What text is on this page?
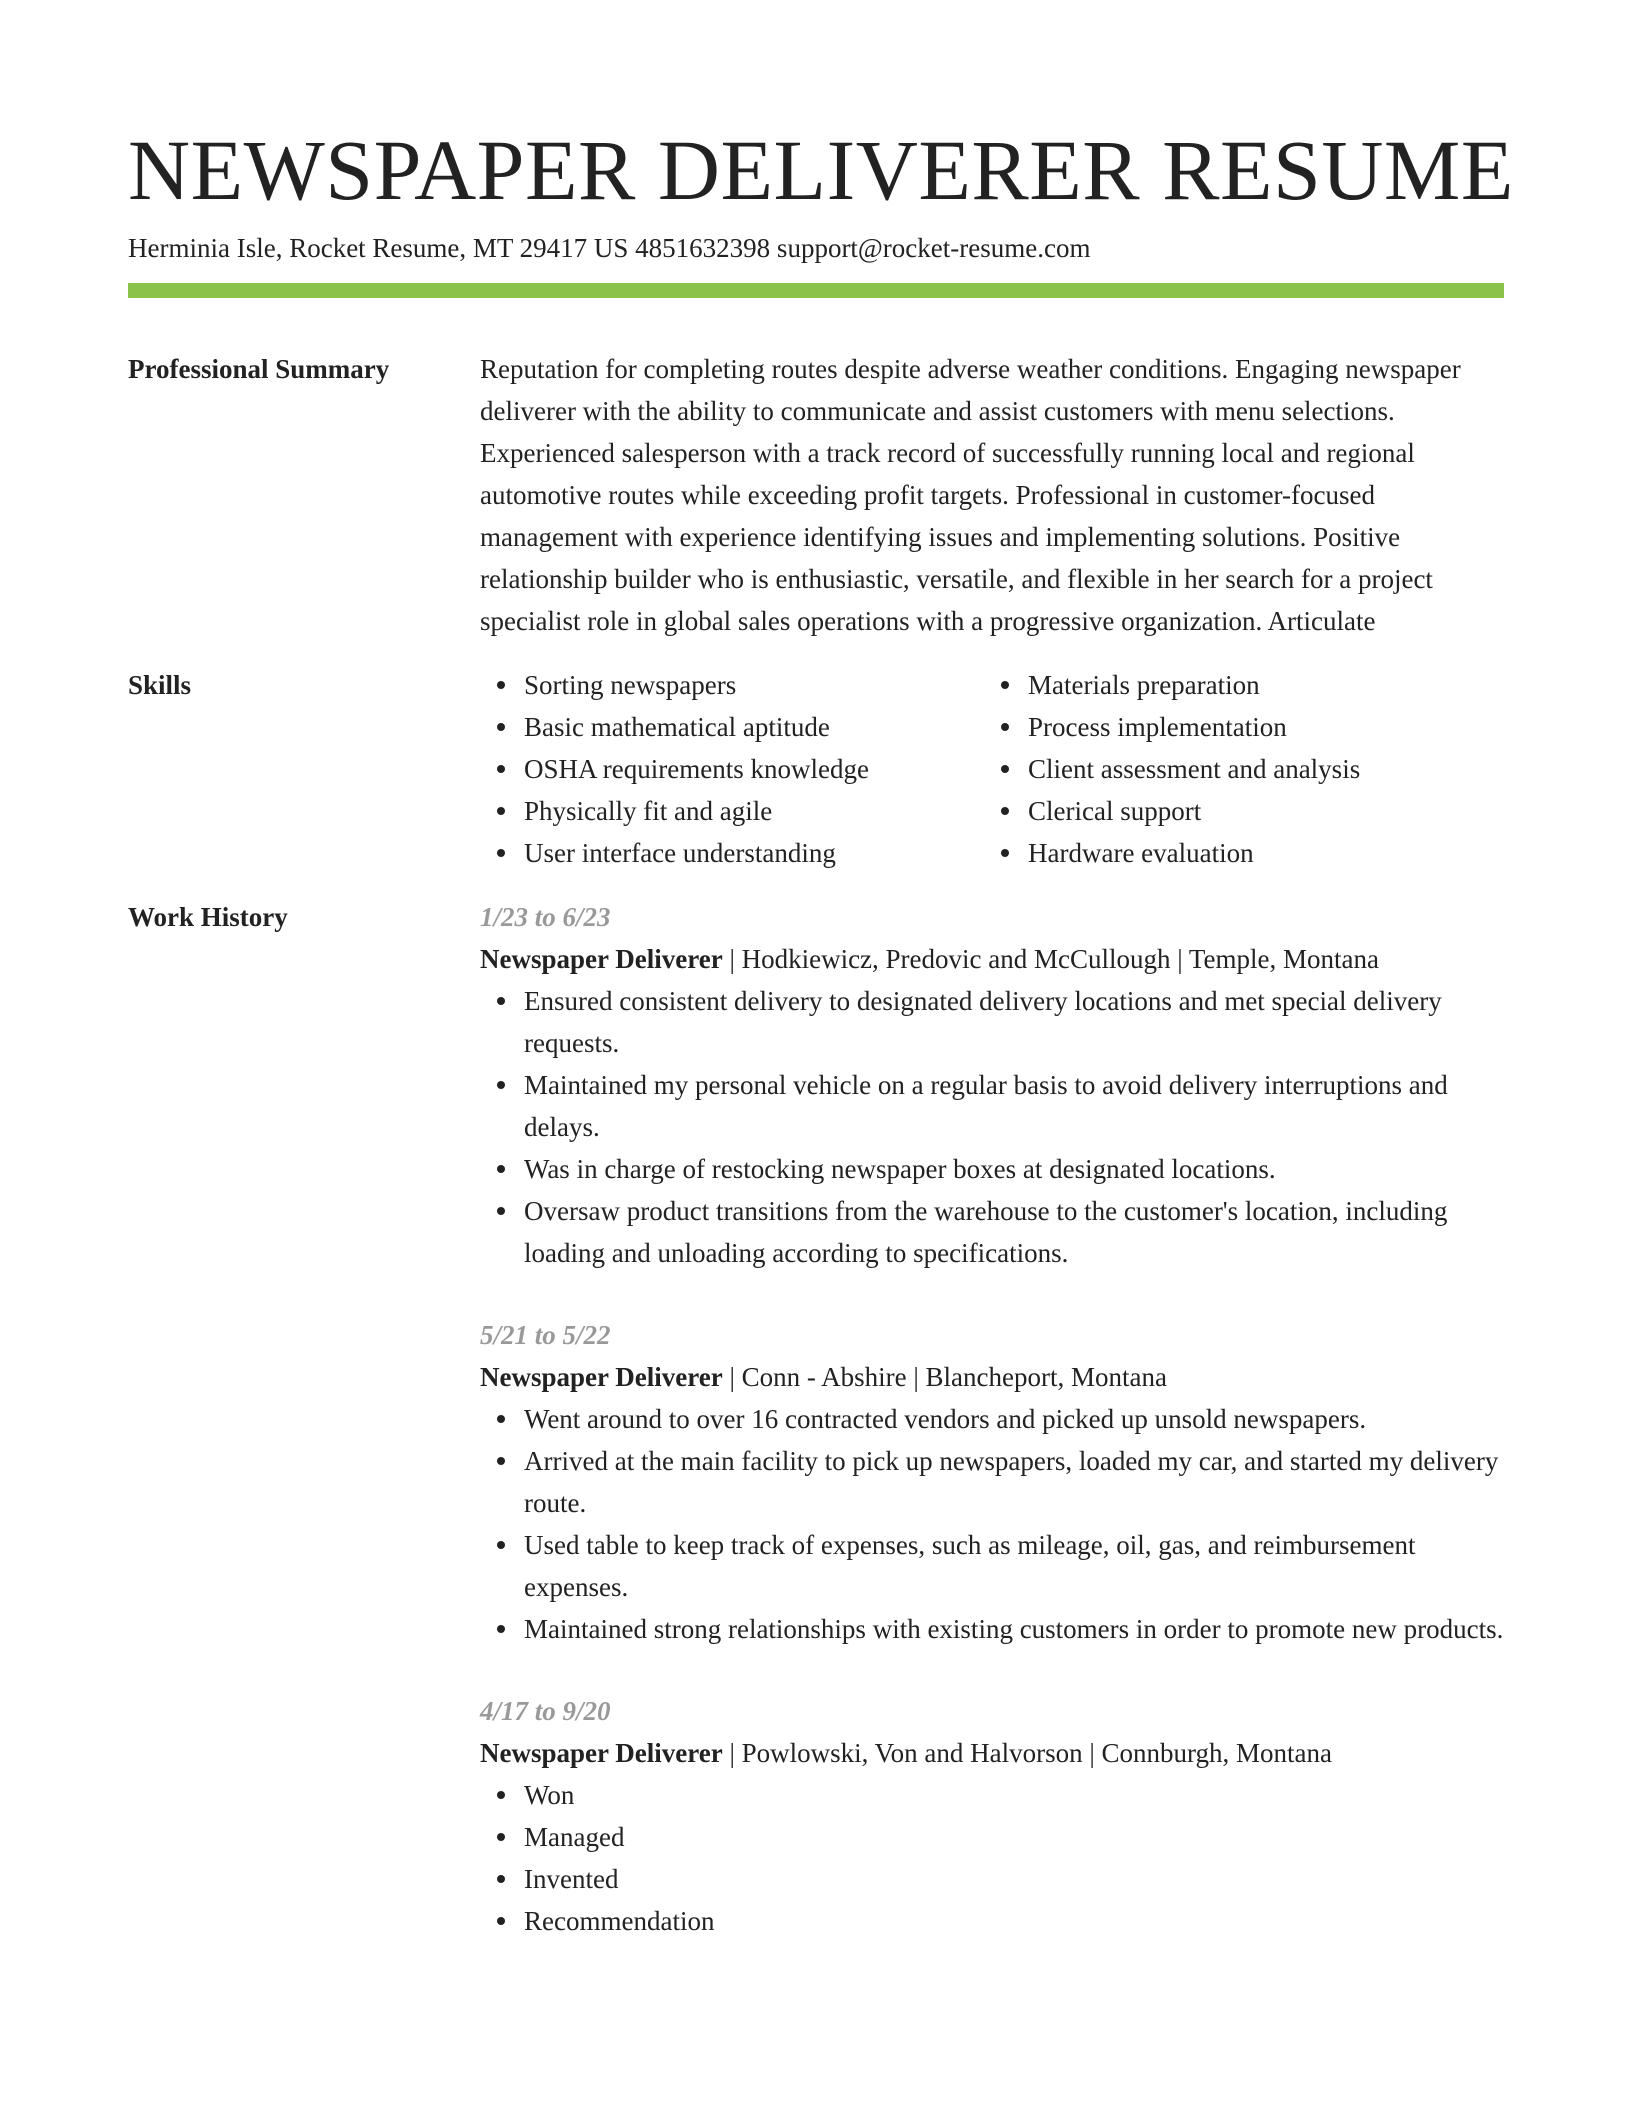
NEWSPAPER DELIVERER RESUME
Herminia Isle, Rocket Resume, MT 29417 US 4851632398 support@rocket-resume.com
Professional Summary	Reputation for completing routes despite adverse weather conditions. Engaging newspaper deliverer with the ability to communicate and assist customers with menu selections. Experienced salesperson with a track record of successfully running local and regional automotive routes while exceeding profit targets. Professional in customer-focused management with experience identifying issues and implementing solutions. Positive relationship builder who is enthusiastic, versatile, and flexible in her search for a project specialist role in global sales operations with a progressive organization. Articulate

Skills	Sorting newspapers
Basic mathematical aptitude
OSHA requirements knowledge
Physically fit and agile
User interface understanding
Materials preparation
Process implementation
Client assessment and analysis
Clerical support
Hardware evaluation
Work History	1/23 to 6/23
Newspaper Deliverer | Hodkiewicz, Predovic and McCullough | Temple, Montana
Ensured consistent delivery to designated delivery locations and met special delivery requests.
Maintained my personal vehicle on a regular basis to avoid delivery interruptions and delays.
Was in charge of restocking newspaper boxes at designated locations.
Oversaw product transitions from the warehouse to the customer's location, including loading and unloading according to specifications.
5/21 to 5/22
Newspaper Deliverer | Conn - Abshire | Blancheport, Montana
Went around to over 16 contracted vendors and picked up unsold newspapers.
Arrived at the main facility to pick up newspapers, loaded my car, and started my delivery route.
Used table to keep track of expenses, such as mileage, oil, gas, and reimbursement expenses.
Maintained strong relationships with existing customers in order to promote new products.
4/17 to 9/20
Newspaper Deliverer | Powlowski, Von and Halvorson | Connburgh, Montana
Won
Managed
Invented
Recommendation
